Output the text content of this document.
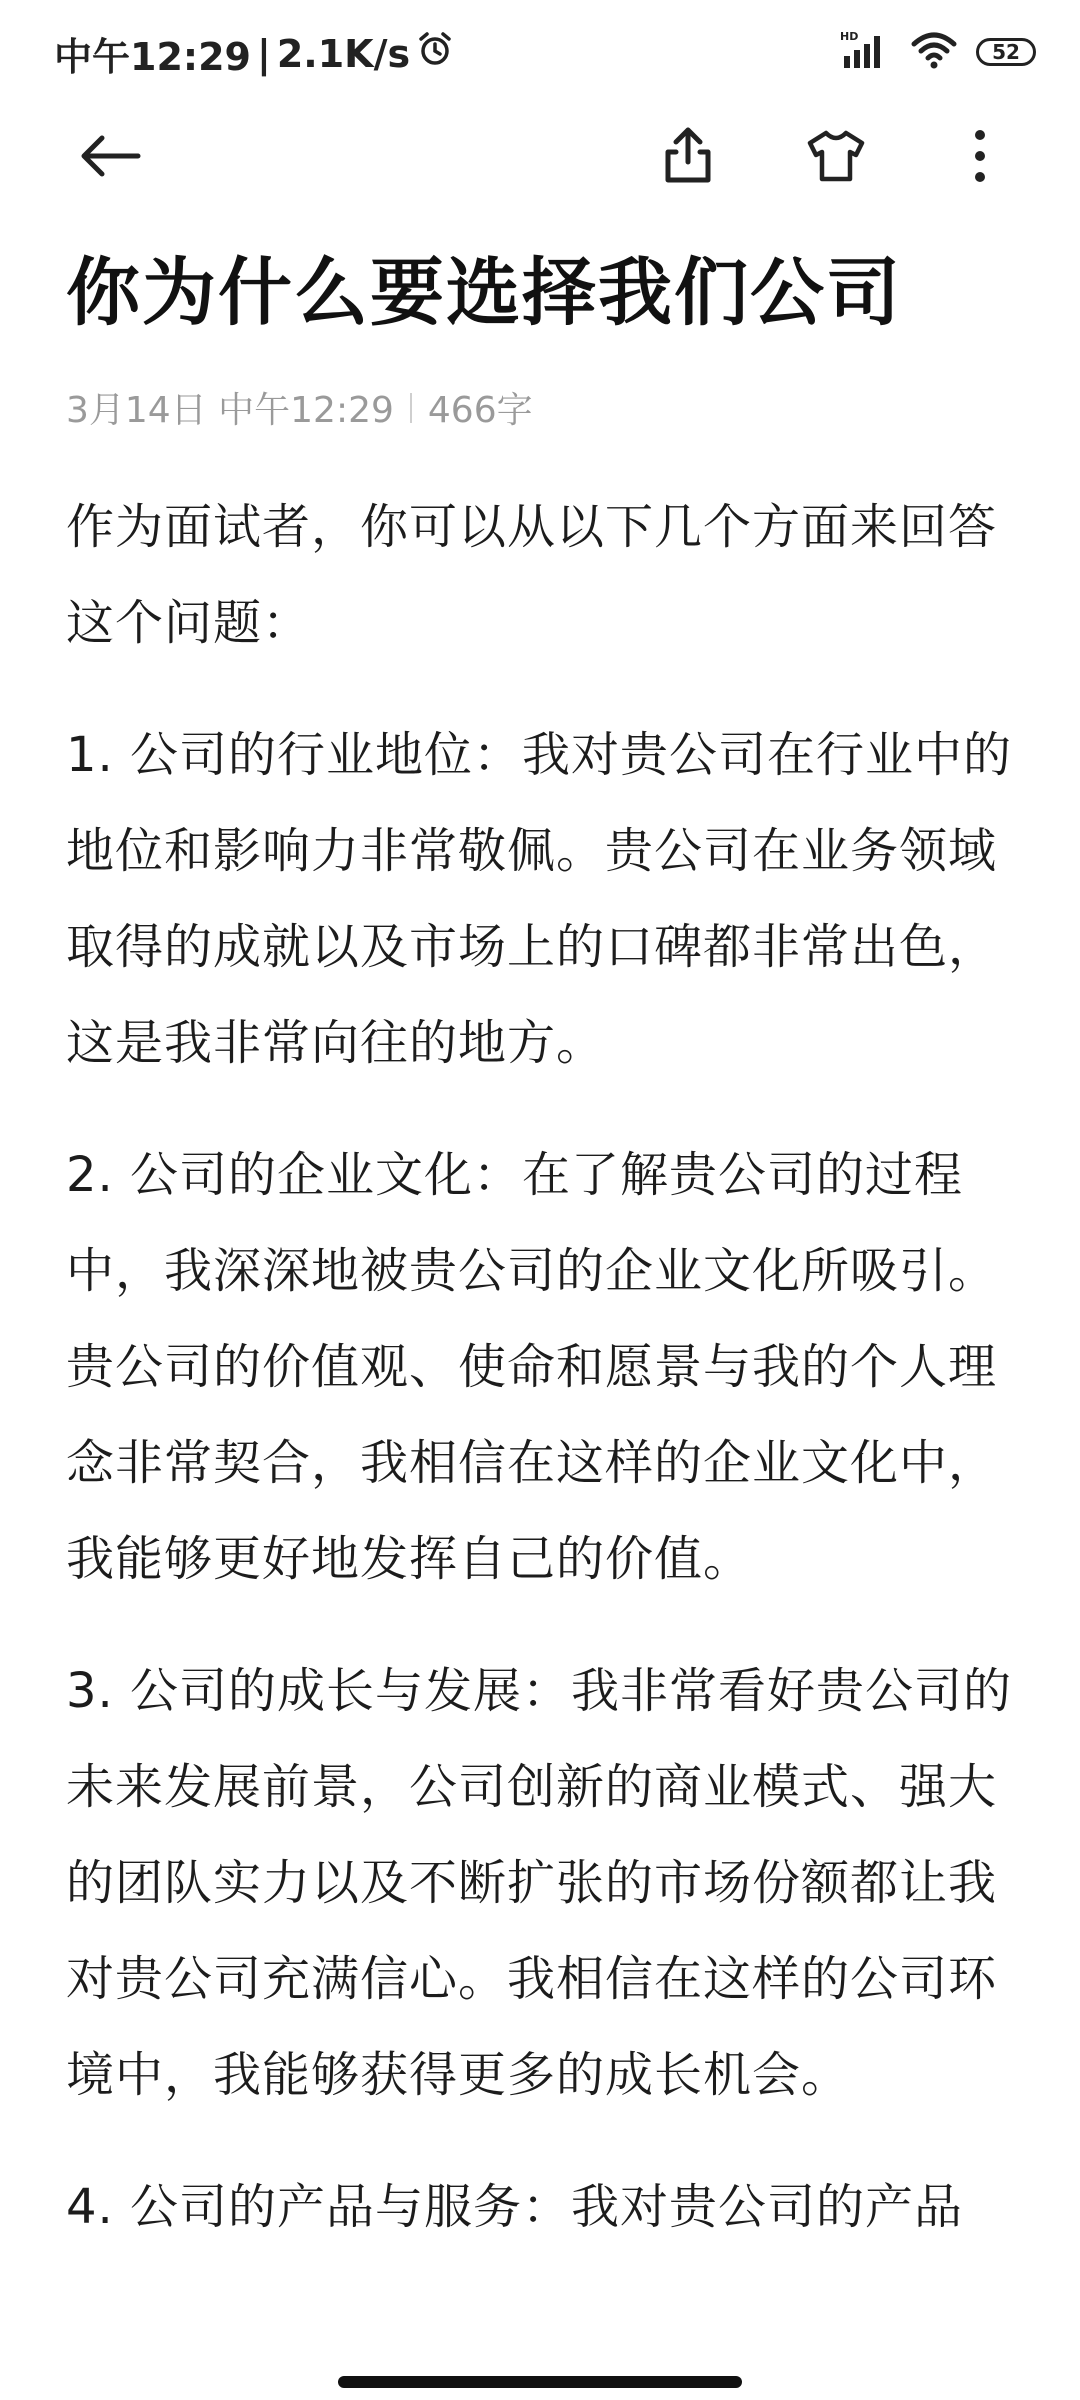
中午12:29 | 2.1K/s	HD
52
你为什么要选择我们公司
3月14日 中午12:29 466字

作为面试者，你可以从以下几个方面来回答这个问题：

1. 公司的行业地位：我对贵公司在行业中的地位和影响力非常敬佩。贵公司在业务领域取得的成就以及市场上的口碑都非常出色，这是我非常向往的地方。

2. 公司的企业文化：在了解贵公司的过程中，我深深地被贵公司的企业文化所吸引。贵公司的价值观、使命和愿景与我的个人理念非常契合，我相信在这样的企业文化中，我能够更好地发挥自己的价值。

3. 公司的成长与发展：我非常看好贵公司的未来发展前景，公司创新的商业模式、强大的团队实力以及不断扩张的市场份额都让我对贵公司充满信心。我相信在这样的公司环境中，我能够获得更多的成长机会。

4. 公司的产品与服务：我对贵公司的产品
